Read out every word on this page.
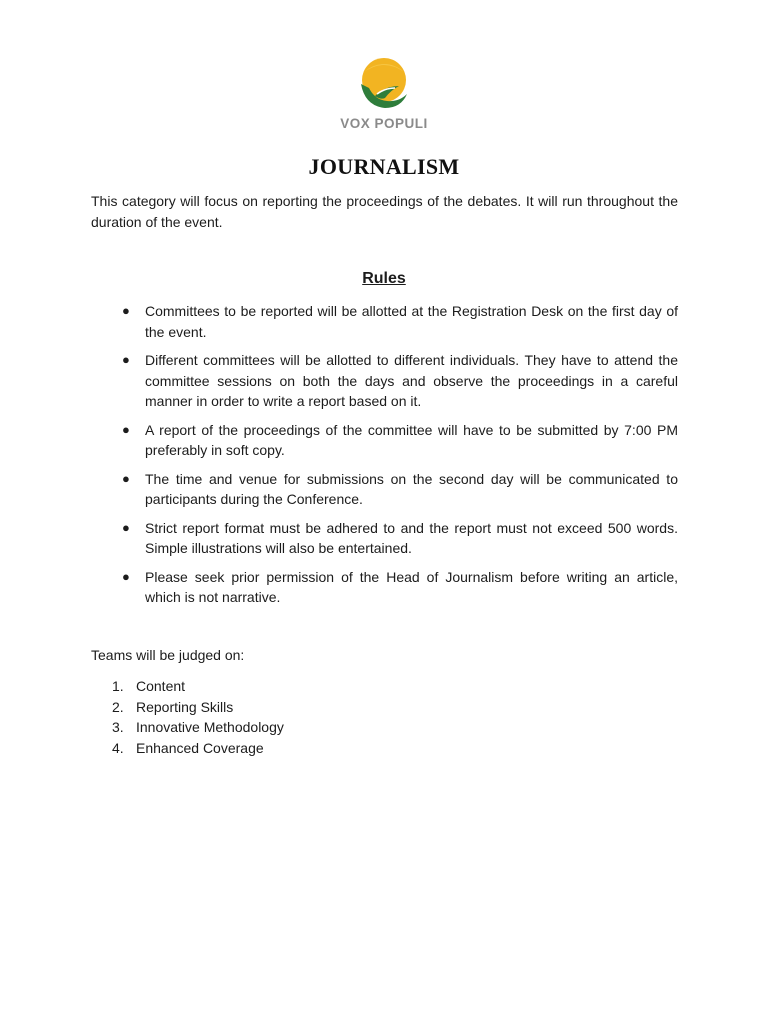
VOX POPULI
JOURNALISM

This category will focus on reporting the proceedings of the debates. It will run throughout the duration of the event.

Rules
● Committees to be reported will be allotted at the Registration Desk on the first day of the event.
● Different committees will be allotted to different individuals. They have to attend the committee sessions on both the days and observe the proceedings in a careful manner in order to write a report based on it.
● A report of the proceedings of the committee will have to be submitted by 7:00 PM preferably in soft copy.
● The time and venue for submissions on the second day will be communicated to participants during the Conference.
● Strict report format must be adhered to and the report must not exceed 500 words. Simple illustrations will also be entertained.
● Please seek prior permission of the Head of Journalism before writing an article, which is not narrative.

Teams will be judged on:

1. Content
2. Reporting Skills
3. Innovative Methodology
4. Enhanced Coverage
